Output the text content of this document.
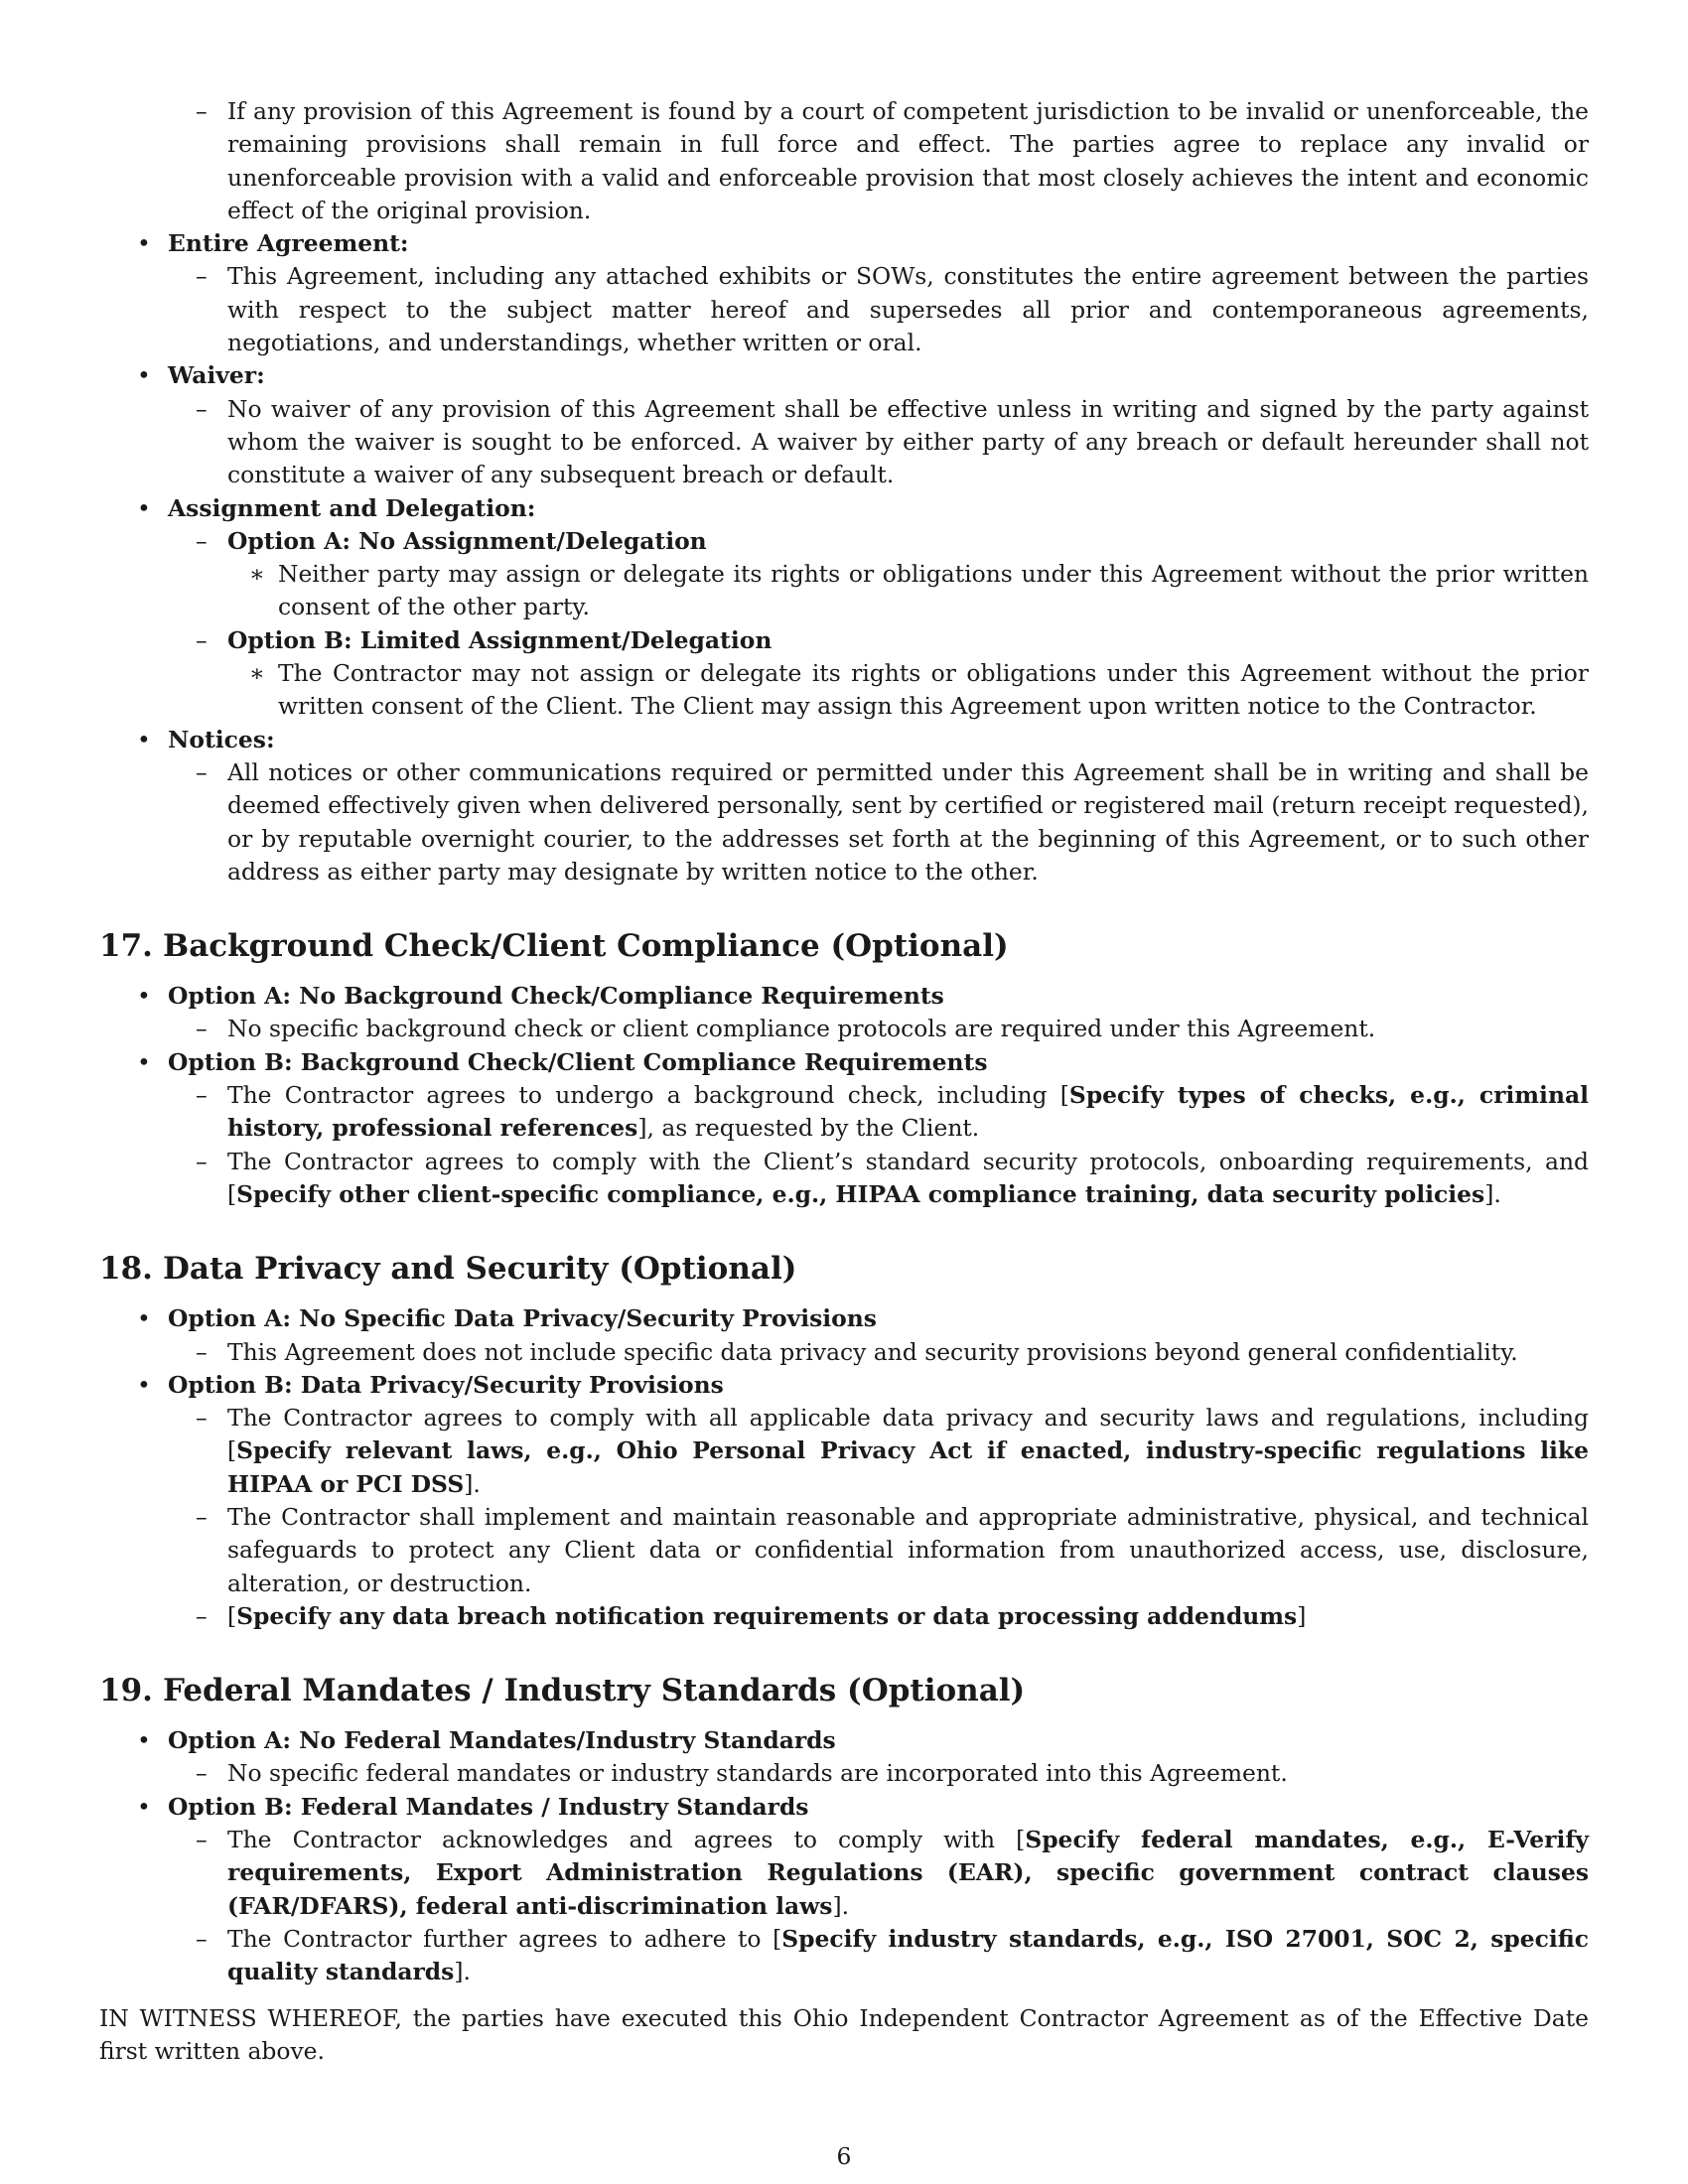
– If any provision of this Agreement is found by a court of competent jurisdiction to be invalid or unenforceable, the remaining provisions shall remain in full force and effect. The parties agree to replace any invalid or unenforceable provision with a valid and enforceable provision that most closely achieves the intent and economic effect of the original provision.
• Entire Agreement:
– This Agreement, including any attached exhibits or SOWs, constitutes the entire agreement between the parties with respect to the subject matter hereof and supersedes all prior and contemporaneous agreements, negotiations, and understandings, whether written or oral.
• Waiver:
– No waiver of any provision of this Agreement shall be effective unless in writing and signed by the party against whom the waiver is sought to be enforced. A waiver by either party of any breach or default hereunder shall not constitute a waiver of any subsequent breach or default.
• Assignment and Delegation:
– Option A: No Assignment/Delegation
∗ Neither party may assign or delegate its rights or obligations under this Agreement without the prior written consent of the other party.
– Option B: Limited Assignment/Delegation
∗ The Contractor may not assign or delegate its rights or obligations under this Agreement without the prior written consent of the Client. The Client may assign this Agreement upon written notice to the Contractor.
• Notices:
– All notices or other communications required or permitted under this Agreement shall be in writing and shall be deemed effectively given when delivered personally, sent by certified or registered mail (return receipt requested), or by reputable overnight courier, to the addresses set forth at the beginning of this Agreement, or to such other address as either party may designate by written notice to the other.
17. Background Check/Client Compliance (Optional)
• Option A: No Background Check/Compliance Requirements
– No specific background check or client compliance protocols are required under this Agreement.
• Option B: Background Check/Client Compliance Requirements
– The Contractor agrees to undergo a background check, including [Specify types of checks, e.g., criminal history, professional references], as requested by the Client.
– The Contractor agrees to comply with the Client’s standard security protocols, onboarding requirements, and [Specify other client-specific compliance, e.g., HIPAA compliance training, data security policies].
18. Data Privacy and Security (Optional)
• Option A: No Specific Data Privacy/Security Provisions
– This Agreement does not include specific data privacy and security provisions beyond general confidentiality.
• Option B: Data Privacy/Security Provisions
– The Contractor agrees to comply with all applicable data privacy and security laws and regulations, including [Specify relevant laws, e.g., Ohio Personal Privacy Act if enacted, industry-specific regulations like HIPAA or PCI DSS].
– The Contractor shall implement and maintain reasonable and appropriate administrative, physical, and technical safeguards to protect any Client data or confidential information from unauthorized access, use, disclosure, alteration, or destruction.
– [Specify any data breach notification requirements or data processing addendums]
19. Federal Mandates / Industry Standards (Optional)
• Option A: No Federal Mandates/Industry Standards
– No specific federal mandates or industry standards are incorporated into this Agreement.
• Option B: Federal Mandates / Industry Standards
– The Contractor acknowledges and agrees to comply with [Specify federal mandates, e.g., E-Verify requirements, Export Administration Regulations (EAR), specific government contract clauses (FAR/DFARS), federal anti-discrimination laws].
– The Contractor further agrees to adhere to [Specify industry standards, e.g., ISO 27001, SOC 2, specific quality standards].

IN WITNESS WHEREOF, the parties have executed this Ohio Independent Contractor Agreement as of the Effective Date first written above.

6
